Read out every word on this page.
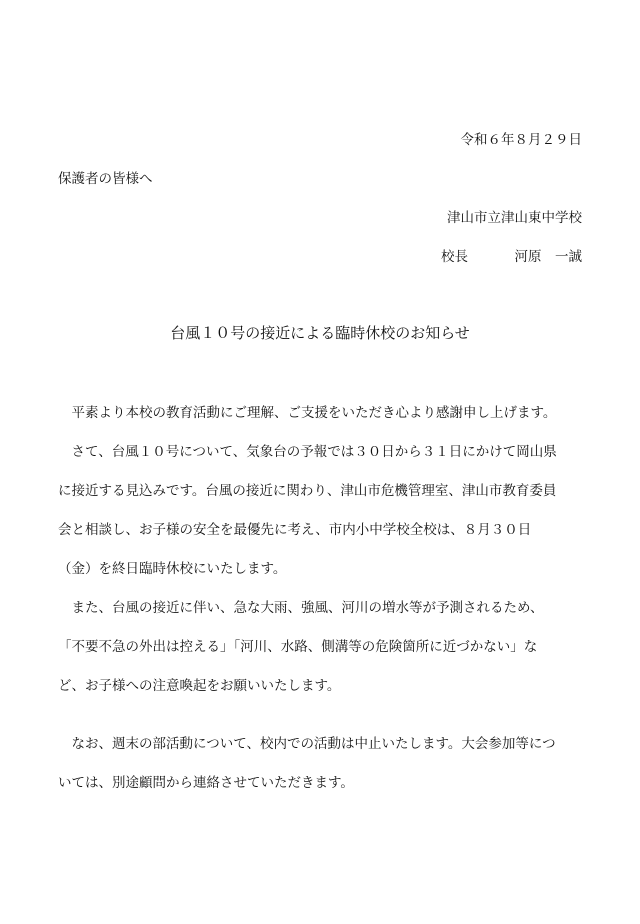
令和６年８月２９日

保護者の皆様へ

津山市立津山東中学校

校長	河原　一誠

台風１０号の接近による臨時休校のお知らせ

　平素より本校の教育活動にご理解、ご支援をいただき心より感謝申し上げます。

　さて、台風１０号について、気象台の予報では３０日から３１日にかけて岡山県

に接近する見込みです。台風の接近に関わり、津山市危機管理室、津山市教育委員

会と相談し、お子様の安全を最優先に考え、市内小中学校全校は、８月３０日

（金）を終日臨時休校にいたします。

　また、台風の接近に伴い、急な大雨、強風、河川の増水等が予測されるため、

「不要不急の外出は控える」「河川、水路、側溝等の危険箇所に近づかない」な

ど、お子様への注意喚起をお願いいたします。

　なお、週末の部活動について、校内での活動は中止いたします。大会参加等につ

いては、別途顧問から連絡させていただきます。
